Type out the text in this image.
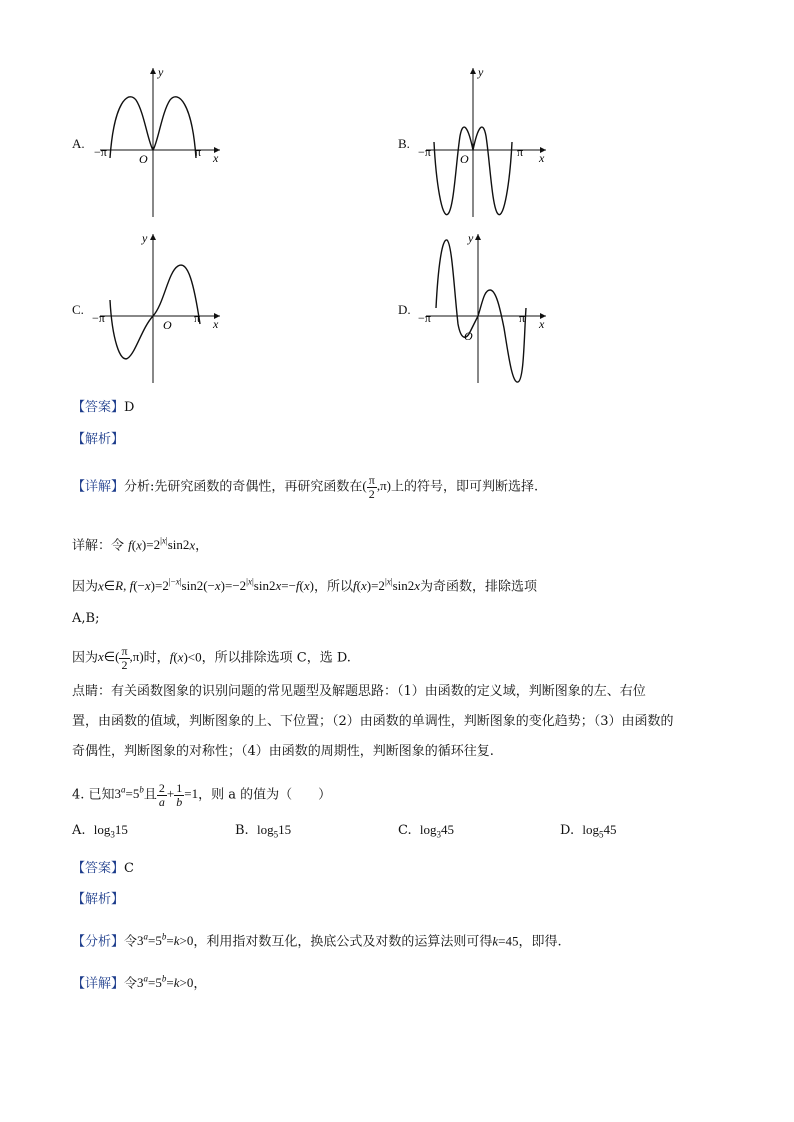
A.
y
x
O
−π	π
B.
y
x
O
−π	π
C.
y
x
O
−π	π
D.
y
x
O
−π	π
【答案】D
【解析】
【详解】分析:先研究函数的奇偶性，再研究函数在( $\frac{\pi}{2} ,\pi$)上的符号，即可判断选择.
详解：令 $f(x)=2^{|x|}\sin 2x$，
因为x∈R, $f(-x)=2^{|-x|}\sin 2(-x)=-2^{|x|}\sin 2x=-f(x)$，所以$f(x)=2^{|x|}\sin 2x$为奇函数，排除选项
A,B;
因为x∈( $\frac{\pi}{2} ,\pi$)时，f(x)<0，所以排除选项 C，选 D.
点睛：有关函数图象的识别问题的常见题型及解题思路：（1）由函数的定义域，判断图象的左、右位
置，由函数的值域，判断图象的上、下位置；（2）由函数的单调性，判断图象的变化趋势；（3）由函数的
奇偶性，判断图象的对称性；（4）由函数的周期性，判断图象的循环往复.
4. 已知$3^a=5^b$且 $\frac{2}{a} + \frac{1}{b} =1$，则 a 的值为（　　）
A. $\log_315$	B. $\log_515$	C. $\log_345$	D. $\log_545$
【答案】C
【解析】
【分析】令$3^a=5^b=k>0$，利用指对数互化，换底公式及对数的运算法则可得k=45，即得.
【详解】令$3^a=5^b=k>0$，
